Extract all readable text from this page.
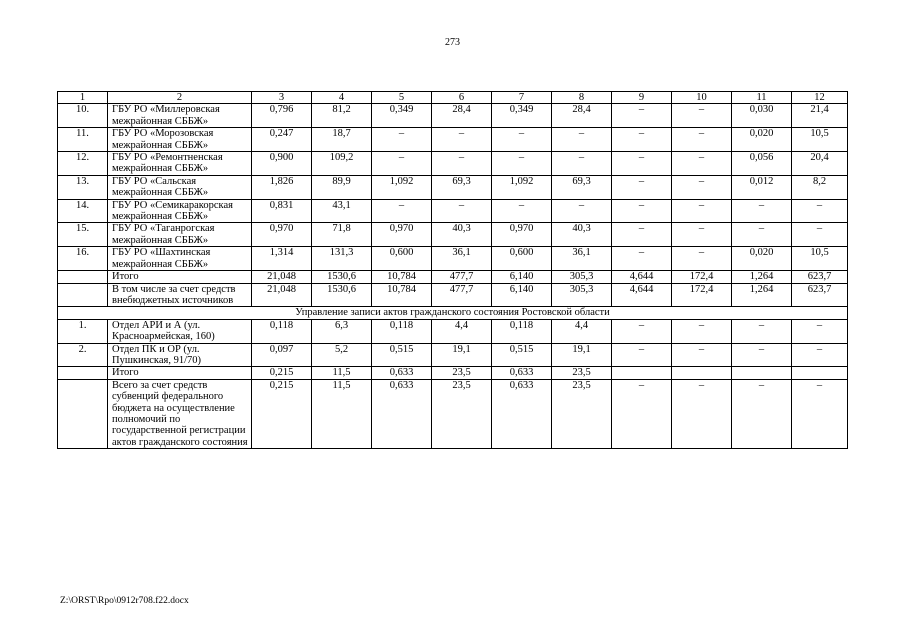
273
1	2	3	4	5	6	7	8	9	10	11	12
10.	ГБУ РО «Миллеровская межрайонная СББЖ»	0,796	81,2	0,349	28,4	0,349	28,4	–	–	0,030	21,4
11.	ГБУ РО «Морозовская межрайонная СББЖ»	0,247	18,7	–	–	–	–	–	–	0,020	10,5
12.	ГБУ РО «Ремонтненская межрайонная СББЖ»	0,900	109,2	–	–	–	–	–	–	0,056	20,4
13.	ГБУ РО «Сальская межрайонная СББЖ»	1,826	89,9	1,092	69,3	1,092	69,3	–	–	0,012	8,2
14.	ГБУ РО «Семикаракорская межрайонная СББЖ»	0,831	43,1	–	–	–	–	–	–	–	–
15.	ГБУ РО «Таганрогская межрайонная СББЖ»	0,970	71,8	0,970	40,3	0,970	40,3	–	–	–	–
16.	ГБУ РО «Шахтинская межрайонная СББЖ»	1,314	131,3	0,600	36,1	0,600	36,1	–	–	0,020	10,5
	Итого	21,048	1530,6	10,784	477,7	6,140	305,3	4,644	172,4	1,264	623,7
	В том числе за счет средств внебюджетных источников	21,048	1530,6	10,784	477,7	6,140	305,3	4,644	172,4	1,264	623,7
Управление записи актов гражданского состояния Ростовской области											
1.	Отдел АРИ и А (ул. Красноармейская, 160)	0,118	6,3	0,118	4,4	0,118	4,4	–	–	–	–
2.	Отдел ПК и ОР (ул. Пушкинская, 91/70)	0,097	5,2	0,515	19,1	0,515	19,1	–	–	–	–
	Итого	0,215	11,5	0,633	23,5	0,633	23,5				
	Всего за счет средств субвенций федерального бюджета на осуществление полномочий по государственной регистрации актов гражданского состояния	0,215	11,5	0,633	23,5	0,633	23,5	–	–	–	–
Z:\ORST\Rpo\0912r708.f22.docx
